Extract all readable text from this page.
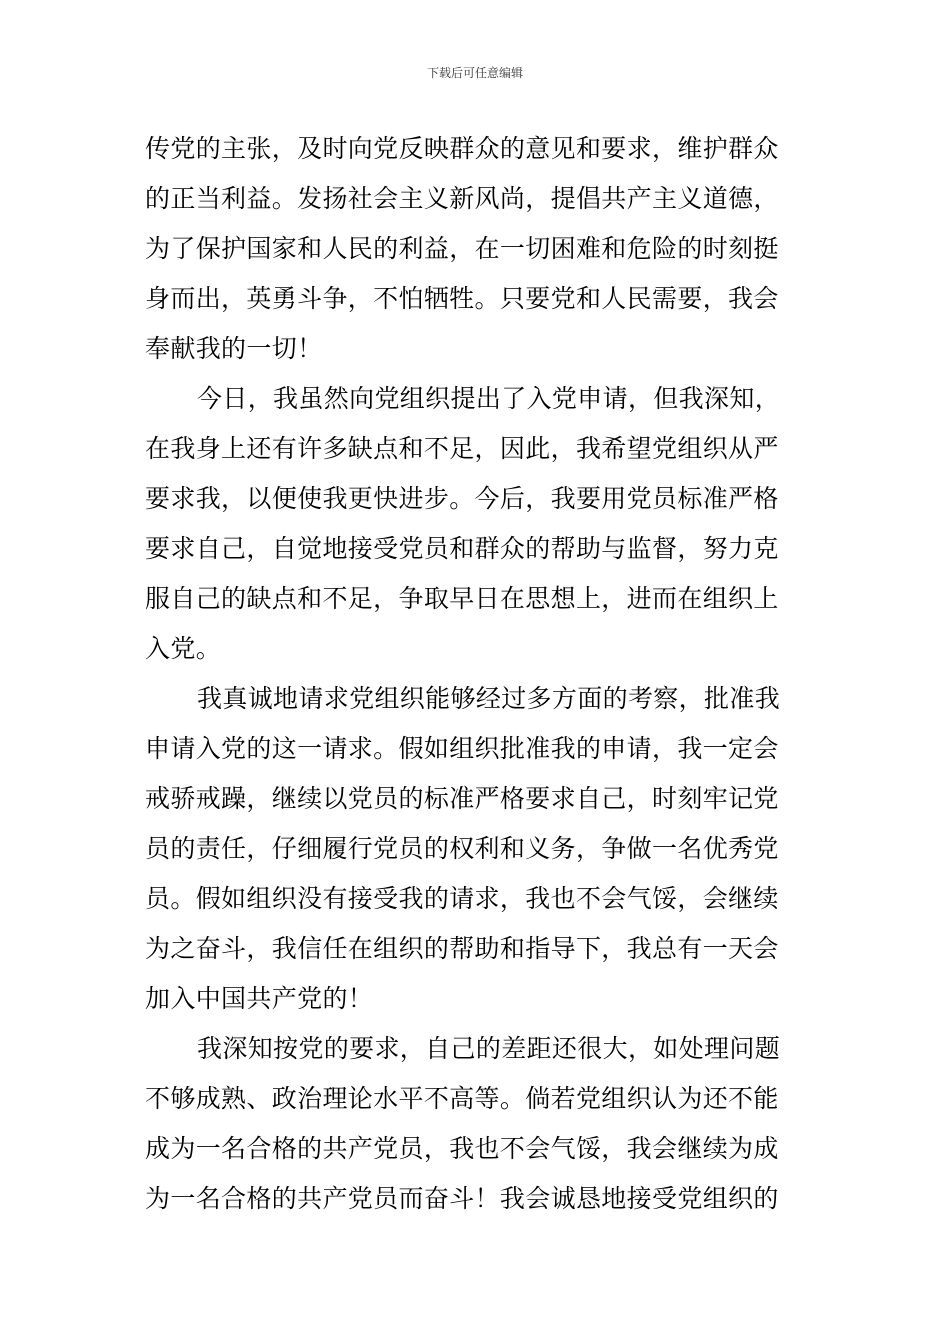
下载后可任意编辑
传党的主张，及时向党反映群众的意见和要求，维护群众
的正当利益。发扬社会主义新风尚，提倡共产主义道德，
为了保护国家和人民的利益，在一切困难和危险的时刻挺
身而出，英勇斗争，不怕牺牲。只要党和人民需要，我会
奉献我的一切！
今日，我虽然向党组织提出了入党申请，但我深知，
在我身上还有许多缺点和不足，因此，我希望党组织从严
要求我，以便使我更快进步。今后，我要用党员标准严格
要求自己，自觉地接受党员和群众的帮助与监督，努力克
服自己的缺点和不足，争取早日在思想上，进而在组织上
入党。
我真诚地请求党组织能够经过多方面的考察，批准我
申请入党的这一请求。假如组织批准我的申请，我一定会
戒骄戒躁，继续以党员的标准严格要求自己，时刻牢记党
员的责任，仔细履行党员的权利和义务，争做一名优秀党
员。假如组织没有接受我的请求，我也不会气馁，会继续
为之奋斗，我信任在组织的帮助和指导下，我总有一天会
加入中国共产党的！
我深知按党的要求，自己的差距还很大，如处理问题
不够成熟、政治理论水平不高等。倘若党组织认为还不能
成为一名合格的共产党员，我也不会气馁，我会继续为成
为一名合格的共产党员而奋斗！我会诚恳地接受党组织的
